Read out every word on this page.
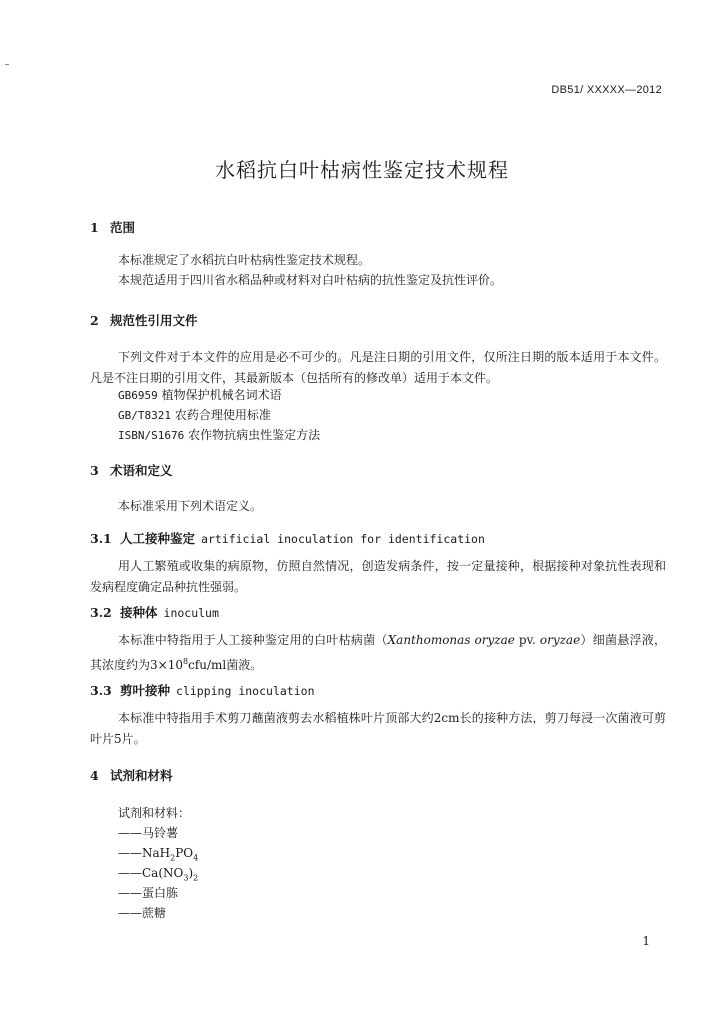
DB51/ XXXXX—2012
水稻抗白叶枯病性鉴定技术规程
1 范围
本标准规定了水稻抗白叶枯病性鉴定技术规程。
本规范适用于四川省水稻品种或材料对白叶枯病的抗性鉴定及抗性评价。
2 规范性引用文件
下列文件对于本文件的应用是必不可少的。凡是注日期的引用文件，仅所注日期的版本适用于本文件。凡是不注日期的引用文件，其最新版本（包括所有的修改单）适用于本文件。
GB6959 植物保护机械名词术语
GB/T8321 农药合理使用标准
ISBN/S1676 农作物抗病虫性鉴定方法
3 术语和定义
本标准采用下列术语定义。
3.1 人工接种鉴定 artificial inoculation for identification
用人工繁殖或收集的病原物，仿照自然情况，创造发病条件，按一定量接种，根据接种对象抗性表现和发病程度确定品种抗性强弱。
3.2 接种体 inoculum
本标准中特指用于人工接种鉴定用的白叶枯病菌（Xanthomonas oryzae pv. oryzae）细菌悬浮液，其浓度约为$3\times 10^8cfu/ml$菌液。
3.3 剪叶接种 clipping inoculation
本标准中特指用手术剪刀蘸菌液剪去水稻植株叶片顶部大约2cm长的接种方法，剪刀每浸一次菌液可剪叶片5片。
4 试剂和材料
试剂和材料：
——马铃薯
$——NaH_2PO_4$
$——Ca(NO_3)_2$
——蛋白胨
——蔗糖
1
